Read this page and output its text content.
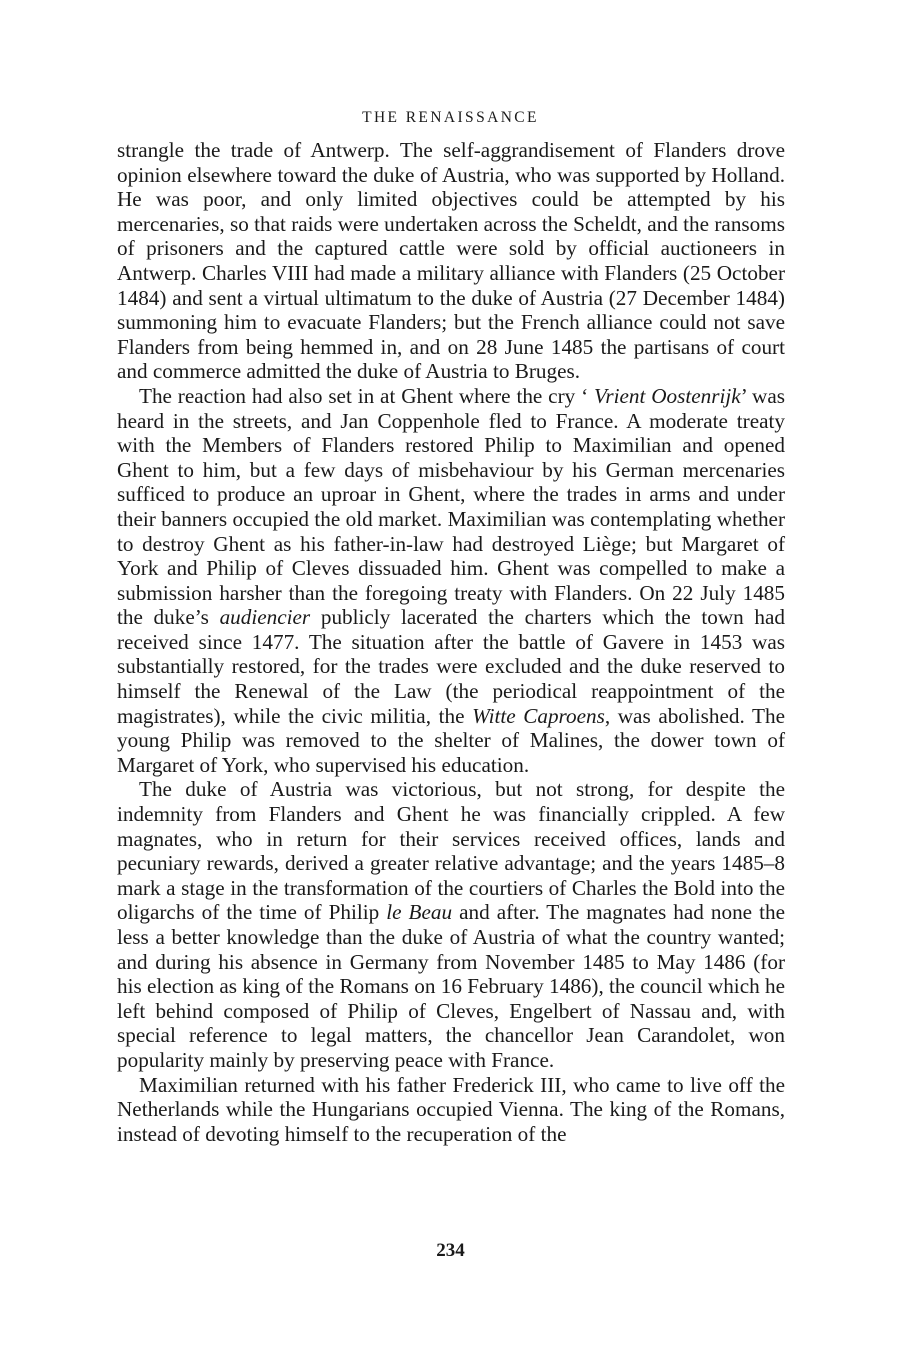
THE RENAISSANCE

strangle the trade of Antwerp. The self-aggrandisement of Flanders drove opinion elsewhere toward the duke of Austria, who was supported by Holland. He was poor, and only limited objectives could be attempted by his mercenaries, so that raids were undertaken across the Scheldt, and the ransoms of prisoners and the captured cattle were sold by official auctioneers in Antwerp. Charles VIII had made a military alliance with Flanders (25 October 1484) and sent a virtual ultimatum to the duke of Austria (27 December 1484) summoning him to evacuate Flanders; but the French alliance could not save Flanders from being hemmed in, and on 28 June 1485 the partisans of court and commerce admitted the duke of Austria to Bruges.

The reaction had also set in at Ghent where the cry ‘ Vrient Oostenrijk’ was heard in the streets, and Jan Coppenhole fled to France. A moderate treaty with the Members of Flanders restored Philip to Maximilian and opened Ghent to him, but a few days of misbehaviour by his German mercenaries sufficed to produce an uproar in Ghent, where the trades in arms and under their banners occupied the old market. Maximilian was contemplating whether to destroy Ghent as his father-in-law had destroyed Liège; but Margaret of York and Philip of Cleves dissuaded him. Ghent was compelled to make a submission harsher than the foregoing treaty with Flanders. On 22 July 1485 the duke’s audiencier publicly lacerated the charters which the town had received since 1477. The situation after the battle of Gavere in 1453 was substantially restored, for the trades were excluded and the duke reserved to himself the Renewal of the Law (the periodical reappointment of the magistrates), while the civic militia, the Witte Caproens, was abolished. The young Philip was removed to the shelter of Malines, the dower town of Margaret of York, who supervised his education.

The duke of Austria was victorious, but not strong, for despite the indemnity from Flanders and Ghent he was financially crippled. A few magnates, who in return for their services received offices, lands and pecuniary rewards, derived a greater relative advantage; and the years 1485–8 mark a stage in the transformation of the courtiers of Charles the Bold into the oligarchs of the time of Philip le Beau and after. The magnates had none the less a better knowledge than the duke of Austria of what the country wanted; and during his absence in Germany from November 1485 to May 1486 (for his election as king of the Romans on 16 February 1486), the council which he left behind composed of Philip of Cleves, Engelbert of Nassau and, with special reference to legal matters, the chancellor Jean Carandolet, won popularity mainly by preserving peace with France.

Maximilian returned with his father Frederick III, who came to live off the Netherlands while the Hungarians occupied Vienna. The king of the Romans, instead of devoting himself to the recuperation of the

234
